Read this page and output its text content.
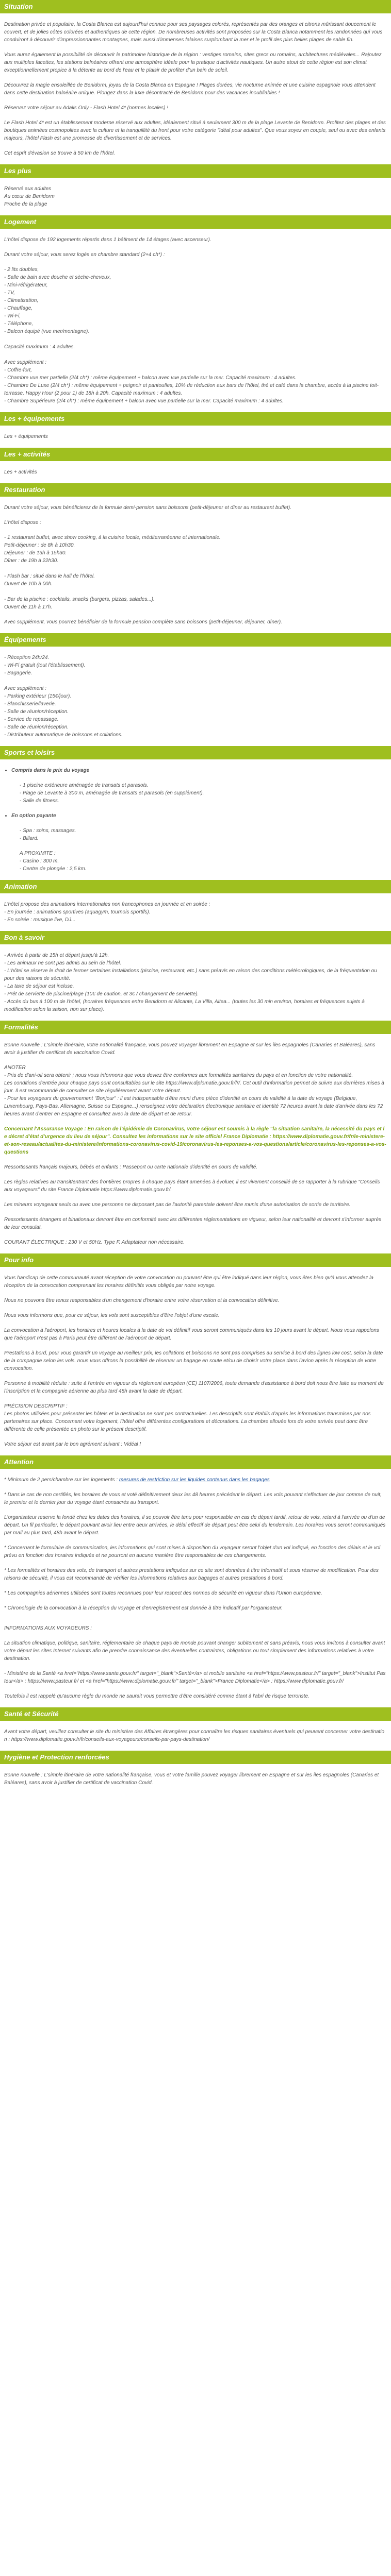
Situation

Destination privée et populaire, la Costa Blanca est aujourd'hui connue pour ses paysages colorés, représentés par des oranges et citrons mûrissant doucement le couvert, et de jolies côtes colorées et authentiques de cette région. De nombreuses activités sont proposées sur la Costa Blanca notamment les randonnées qui vous conduiront à découvrir d'impressionnantes montagnes, mais aussi d'immenses falaises surplombant la mer et le profil des plus belles plages de sable fin.

Vous aurez également la possibilité de découvrir le patrimoine historique de la région : vestiges romains, sites grecs ou romains, architectures médiévales... Rajoutez aux multiples facettes, les stations balnéaires offrant une atmosphère idéale pour la pratique d'activités nautiques. Un autre atout de cette région est son climat exceptionnellement propice à la détente au bord de l'eau et le plaisir de profiter d'un bain de soleil.

Découvrez la magie ensoleillée de Benidorm, joyau de la Costa Blanca en Espagne ! Plages dorées, vie nocturne animée et une cuisine espagnole vous attendent dans cette destination balnéaire unique. Plongez dans la luxe décontracté de Benidorm pour des vacances inoubliables !

Réservez votre séjour au Adalis Only - Flash Hotel 4* (normes locales) !

Le Flash Hotel 4* est un établissement moderne réservé aux adultes, idéalement situé à seulement 300 m de la plage Levante de Benidorm. Profitez des plages et des boutiques animées cosmopolites avec la culture et la tranquillité du front pour votre catégorie "idéal pour adultes". Que vous soyez en couple, seul ou avec des enfants majeurs, l'hôtel Flash est une promesse de divertissement et de services.

Cet esprit d'évasion se trouve à 50 km de l'hôtel.

Les plus
Réservé aux adultes
Au cœur de Benidorm
Proche de la plage
Logement

L'hôtel dispose de 192 logements répartis dans 1 bâtiment de 14 étages (avec ascenseur).

Durant votre séjour, vous serez logés en chambre standard (2+4 ch*) :

- 2 lits doubles,
- Salle de bain avec douche et sèche-cheveux,
- Mini-réfrigérateur,
- TV,
- Climatisation,
- Chauffage,
- Wi-Fi,
- Téléphone,
- Balcon équipé (vue mer/montagne).
Capacité maximum : 4 adultes.
Avec supplément :
- Coffre-fort,
- Chambre vue mer partielle (2/4 ch*) : même équipement + balcon avec vue partielle sur la mer. Capacité maximum : 4 adultes.
- Chambre De Luxe (2/4 ch*) : même équipement + peignoir et pantoufles, 10% de réduction aux bars de l'hôtel, thé et café dans la chambre, accès à la piscine toit-terrasse, Happy Hour (2 pour 1) de 18h à 20h. Capacité maximum : 4 adultes.
- Chambre Supérieure (2/4 ch*) : même équipement + balcon avec vue partielle sur la mer. Capacité maximum : 4 adultes.
Les + équipements

Les + équipements

Les + activités

Les + activités

Restauration

Durant votre séjour, vous bénéficierez de la formule demi-pension sans boissons (petit-déjeuner et dîner au restaurant buffet).

L'hôtel dispose :

- 1 restaurant buffet, avec show cooking, à la cuisine locale, méditerranéenne et internationale.
Petit-déjeuner : de 8h à 10h30.
Déjeuner : de 13h à 15h30.
Dîner : de 19h à 22h30.
- Flash bar : situé dans le hall de l'hôtel.
Ouvert de 10h à 00h.
- Bar de la piscine : cocktails, snacks (burgers, pizzas, salades...).
Ouvert de 11h à 17h.

Avec supplément, vous pourrez bénéficier de la formule pension complète sans boissons (petit-déjeuner, déjeuner, dîner).

Équipements
- Réception 24h/24.
- Wi-Fi gratuit (tout l'établissement).
- Bagagerie.
Avec supplément :
- Parking extérieur (15€/jour).
- Blanchisserie/laverie.
- Salle de réunion/réception.
- Service de repassage.
- Salle de réunion/réception.
- Distributeur automatique de boissons et collations.
Sports et loisirs
• Compris dans le prix du voyage
- 1 piscine extérieure aménagée de transats et parasols.
- Plage de Levante à 300 m, aménagée de transats et parasols (en supplément).
- Salle de fitness.
• En option payante
- Spa : soins, massages.
- Billard.
A PROXIMITE :
- Casino : 300 m.
- Centre de plongée : 2,5 km.
Animation

L'hôtel propose des animations internationales non francophones en journée et en soirée :

- En journée : animations sportives (aquagym, tournois sportifs).
- En soirée : musique live, DJ...
Bon à savoir
- Arrivée à partir de 15h et départ jusqu'à 12h.
- Les animaux ne sont pas admis au sein de l'hôtel.
- L'hôtel se réserve le droit de fermer certaines installations (piscine, restaurant, etc.) sans préavis en raison des conditions météorologiques, de la fréquentation ou pour des raisons de sécurité.
- La taxe de séjour est incluse.
- Prêt de serviette de piscine/plage (10€ de caution, et 3€ / changement de serviette).
- Accès du bus à 100 m de l'hôtel, (horaires fréquences entre Benidorm et Alicante, La Villa, Altea... (toutes les 30 min environ, horaires et fréquences sujets à modification selon la saison, non sur place).
Formalités

Bonne nouvelle : L'simple itinéraire, votre nationalité française, vous pouvez voyager librement en Espagne et sur les îles espagnoles (Canaries et Baléares), sans avoir à justifier de certificat de vaccination Covid.

ANOTER
- Pris de d'ani-oil sera obtenir ; nous vous informons que vous deviez être conformes aux formalités sanitaires du pays et en fonction de votre nationalité.
Les conditions d'entrée pour chaque pays sont consultables sur le site https://www.diplomatie.gouv.fr/fr/. Cet outil d'information permet de suivre aux dernières mises à jour. Il est recommandé de consulter ce site régulièrement avant votre départ.
- Pour les voyageurs du gouvernement "Bonjour" : il est indispensable d'être muni d'une pièce d'identité en cours de validité à la date du voyage (Belgique, Luxembourg, Pays-Bas, Allemagne, Suisse ou Espagne...) renseignez votre déclaration électronique sanitaire et identité 72 heures avant la date d'arrivée dans les 72 heures avant d'entrer en Espagne et consultez avec la date de départ et de retour.

Concernant l'Assurance Voyage : En raison de l'épidémie de Coronavirus, votre séjour est soumis à la règle "la situation sanitaire, la nécessité du pays et le décret d'état d'urgence du lieu de séjour". Consultez les informations sur le site officiel France Diplomatie : https://www.diplomatie.gouv.fr/fr/le-ministere-et-son-reseau/actualites-du-ministere/informations-coronavirus-covid-19/coronavirus-les-reponses-a-vos-questions/article/coronavirus-les-reponses-a-vos-questions

Ressortissants français majeurs, bébés et enfants : Passeport ou carte nationale d'identité en cours de validité.

Les règles relatives au transit/entrant des frontières propres à chaque pays étant amenées à évoluer, il est vivement conseillé de se rapporter à la rubrique "Conseils aux voyageurs" du site France Diplomatie https://www.diplomatie.gouv.fr/.

Les mineurs voyageant seuls ou avec une personne ne disposant pas de l'autorité parentale doivent être munis d'une autorisation de sortie de territoire.

Ressortissants étrangers et binationaux devront être en conformité avec les différentes réglementations en vigueur, selon leur nationalité et devront s'informer auprès de leur consulat.

COURANT ÉLECTRIQUE : 230 V et 50Hz. Type F. Adaptateur non nécessaire.

Pour info

Vous handicap de cette communauté avant réception de votre convocation ou pouvant être qui être indiqué dans leur région, vous êtes bien qu'à vous attendez la réception de la convocation comprenant les horaires définitifs vous obligés par notre voyage.

Nous ne pouvons être tenus responsables d'un changement d'horaire entre votre réservation et la convocation définitive.

Nous vous informons que, pour ce séjour, les vols sont susceptibles d'être l'objet d'une escale.

La convocation à l'aéroport, les horaires et heures locales à la date de vol définitif vous seront communiqués dans les 10 jours avant le départ. Nous vous rappelons que l'aéroport n'est pas à Paris peut être différent de l'aéroport de départ.

Prestations à bord, pour vous garantir un voyage au meilleur prix, les collations et boissons ne sont pas comprises au service à bord des lignes low cost, selon la date de la compagnie selon les vols. nous vous offrons la possibilité de réserver un bagage en soute et/ou de choisir votre place dans l'avion après la réception de votre convocation.

Personne à mobilité réduite : suite à l'entrée en vigueur du règlement européen (CE) 1107/2006, toute demande d'assistance à bord doit nous être faite au moment de l'inscription et la compagnie aérienne au plus tard 48h avant la date de départ.

PRÉCISION DESCRIPTIF :

Les photos utilisées pour présenter les hôtels et la destination ne sont pas contractuelles. Les descriptifs sont établis d'après les informations transmises par nos partenaires sur place. Concernant votre logement, l'hôtel offre différentes configurations et décorations. La chambre allouée lors de votre arrivée peut donc être différente de celle présentée en photo sur le présent descriptif.

Votre séjour est avant par le bon agrément suivant : Vidéal !

Attention

* Minimum de 2 pers/chambre sur les logements : mesures de restriction sur les liquides contenus dans les bagages

* Dans le cas de non certifiés, les horaires de vous et voté définitivement deux les 48 heures précédent le départ. Les vols pouvant s'effectuer de jour comme de nuit, le premier et le dernier jour du voyage étant consacrés au transport.

L'organisateur reserve la fondé chez les dates des horaires, il se pouvoir être tenu pour responsable en cas de départ tardif, retour de vols, retard à l'arrivée ou d'un de départ. Un fil particulier, le départ pouvant avoir lieu entre deux arrivées, le délai effectif de départ peut être celui du lendemain. Les horaires vous seront communiqués par mail au plus tard, 48h avant le départ.

* Concernant le formulaire de communication, les informations qui sont mises à disposition du voyageur seront l'objet d'un vol indiqué, en fonction des délais et le vol prévu en fonction des horaires indiqués et ne pourront en aucune manière être responsables de ces changements.

* Les formalités et horaires des vols, de transport et autres prestations indiquées sur ce site sont données à titre informatif et sous réserve de modification. Pour des raisons de sécurité, il vous est recommandé de vérifier les informations relatives aux bagages et autres prestations à bord.

* Les compagnies aériennes utilisées sont toutes reconnues pour leur respect des normes de sécurité en vigueur dans l'Union européenne.

* Chronologie de la convocation à la réception du voyage et d'enregistrement est donnée à titre indicatif par l'organisateur.

INFORMATIONS AUX VOYAGEURS :

La situation climatique, politique, sanitaire, réglementaire de chaque pays de monde pouvant changer subitement et sans préavis, nous vous invitons à consulter avant votre départ les sites Internet suivants afin de prendre connaissance des éventuelles contraintes, obligations ou tout simplement des informations relatives à votre destination.

- Ministère de la Santé <a href="https://www.sante.gouv.fr/" target="_blank">Santé</a> et mobile sanitaire <a href="https://www.pasteur.fr/" target="_blank">Institut Pasteur</a> : https://www.pasteur.fr/ et <a href="https://www.diplomatie.gouv.fr/" target="_blank">France Diplomatie</a> : https://www.diplomatie.gouv.fr/

Toutefois il est rappelé qu'aucune règle du monde ne saurait vous permettre d'être considéré comme étant à l'abri de risque terroriste.

Santé et Sécurité

Avant votre départ, veuillez consulter le site du ministère des Affaires étrangères pour connaître les risques sanitaires éventuels qui peuvent concerner votre destination : https://www.diplomatie.gouv.fr/fr/conseils-aux-voyageurs/conseils-par-pays-destination/

Hygiène et Protection renforcées

Bonne nouvelle : L'simple itinéraire de votre nationalité française, vous et votre famille pouvez voyager librement en Espagne et sur les îles espagnoles (Canaries et Baléares), sans avoir à justifier de certificat de vaccination Covid.
